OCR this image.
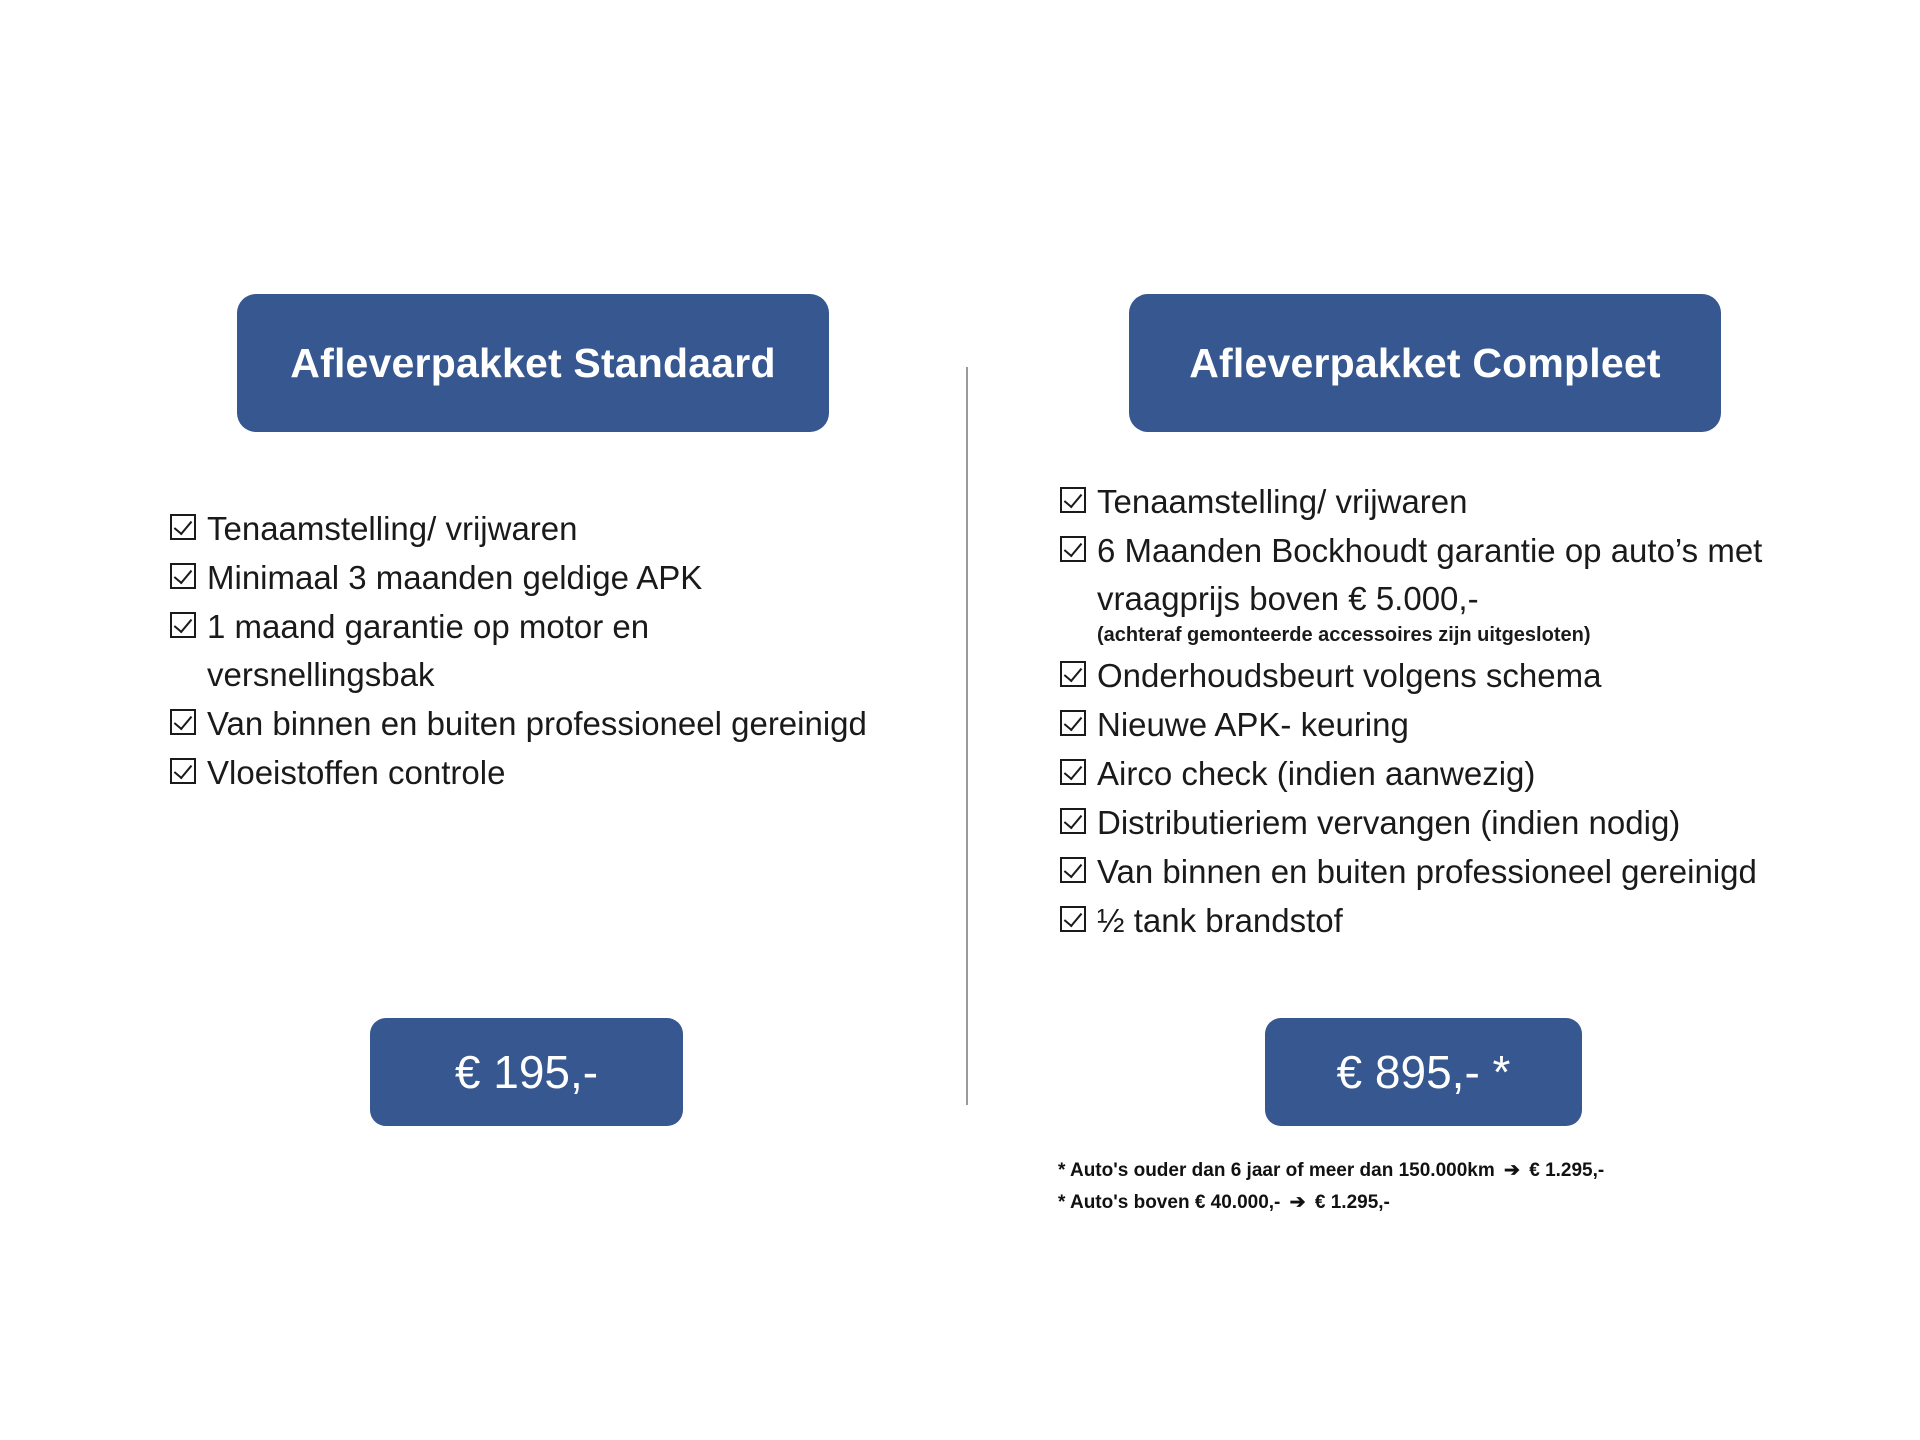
Afleverpakket Standaard
Tenaamstelling/ vrijwaren
Minimaal 3 maanden geldige APK
1 maand garantie op motor en versnellingsbak
Van binnen en buiten professioneel gereinigd
Vloeistoffen controle
€ 195,-
Afleverpakket Compleet
Tenaamstelling/ vrijwaren
6 Maanden Bockhoudt garantie op auto’s met vraagprijs boven € 5.000,-
(achteraf gemonteerde accessoires zijn uitgesloten)
Onderhoudsbeurt volgens schema
Nieuwe APK- keuring
Airco check (indien aanwezig)
Distributieriem vervangen (indien nodig)
Van binnen en buiten professioneel gereinigd
½ tank brandstof
€ 895,- *
* Auto's ouder dan 6 jaar of meer dan 150.000km ➔ € 1.295,-
* Auto's boven € 40.000,- ➔ € 1.295,-
